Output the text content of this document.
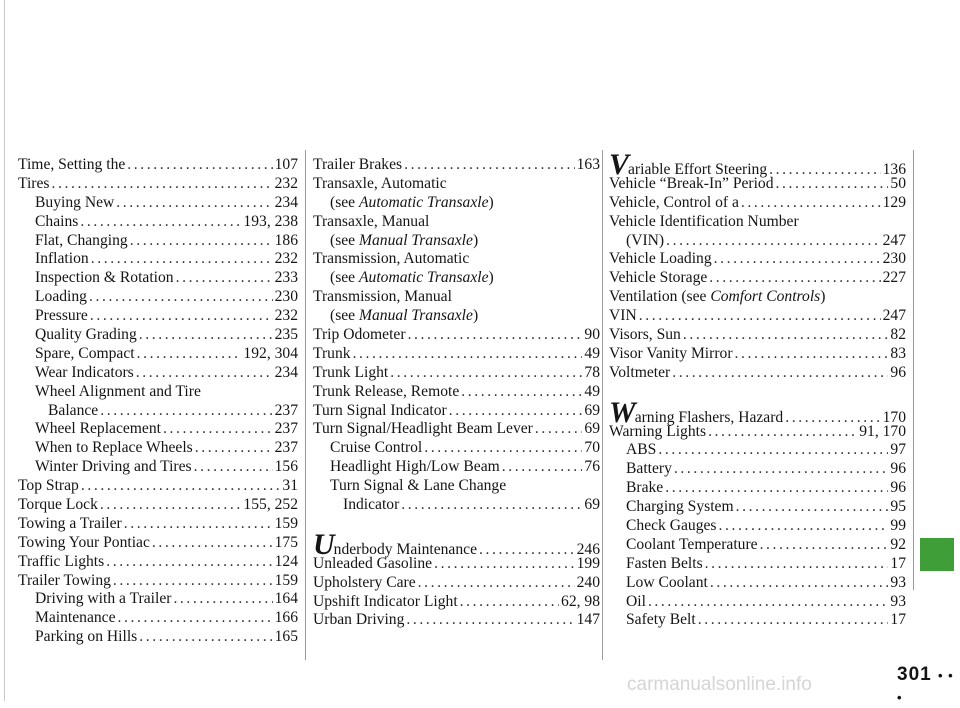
Time, Setting the .....	107
Tires .....	232
Buying New .....	234
Chains .....	193, 238
Flat, Changing .....	186
Inflation .....	232
Inspection & Rotation .....	233
Loading .....	230
Pressure .....	232
Quality Grading .....	235
Spare, Compact .....	192, 304
Wear Indicators .....	234
Wheel Alignment and Tire
Balance .....	237
Wheel Replacement .....	237
When to Replace Wheels .....	237
Winter Driving and Tires .....	156
Top Strap .....	31
Torque Lock .....	155, 252
Towing a Trailer .....	159
Towing Your Pontiac .....	175
Traffic Lights .....	124
Trailer Towing .....	159
Driving with a Trailer .....	164
Maintenance .....	166
Parking on Hills .....	165
Trailer Brakes .....	163
Transaxle, Automatic
(see Automatic Transaxle)
Transaxle, Manual
(see Manual Transaxle)
Transmission, Automatic
(see Automatic Transaxle)
Transmission, Manual
(see Manual Transaxle)
Trip Odometer .....	90
Trunk .....	49
Trunk Light .....	78
Trunk Release, Remote .....	49
Turn Signal Indicator .....	69
Turn Signal/Headlight Beam Lever .....	69
Cruise Control .....	70
Headlight High/Low Beam .....	76
Turn Signal & Lane Change
Indicator .....	69
Underbody Maintenance .....	246
Unleaded Gasoline .....	199
Upholstery Care .....	240
Upshift Indicator Light .....	62, 98
Urban Driving .....	147
Variable Effort Steering .....	136
Vehicle “Break-In” Period .....	50
Vehicle, Control of a .....	129
Vehicle Identification Number
(VIN) .....	247
Vehicle Loading .....	230
Vehicle Storage .....	227
Ventilation (see Comfort Controls)
VIN .....	247
Visors, Sun .....	82
Visor Vanity Mirror .....	83
Voltmeter .....	96
Warning Flashers, Hazard .....	170
Warning Lights .....	91, 170
ABS .....	97
Battery .....	96
Brake .....	96
Charging System .....	95
Check Gauges .....	99
Coolant Temperature .....	92
Fasten Belts .....	17
Low Coolant .....	93
Oil .....	93
Safety Belt .....	17
301 • • •
carmanualsonline.info
